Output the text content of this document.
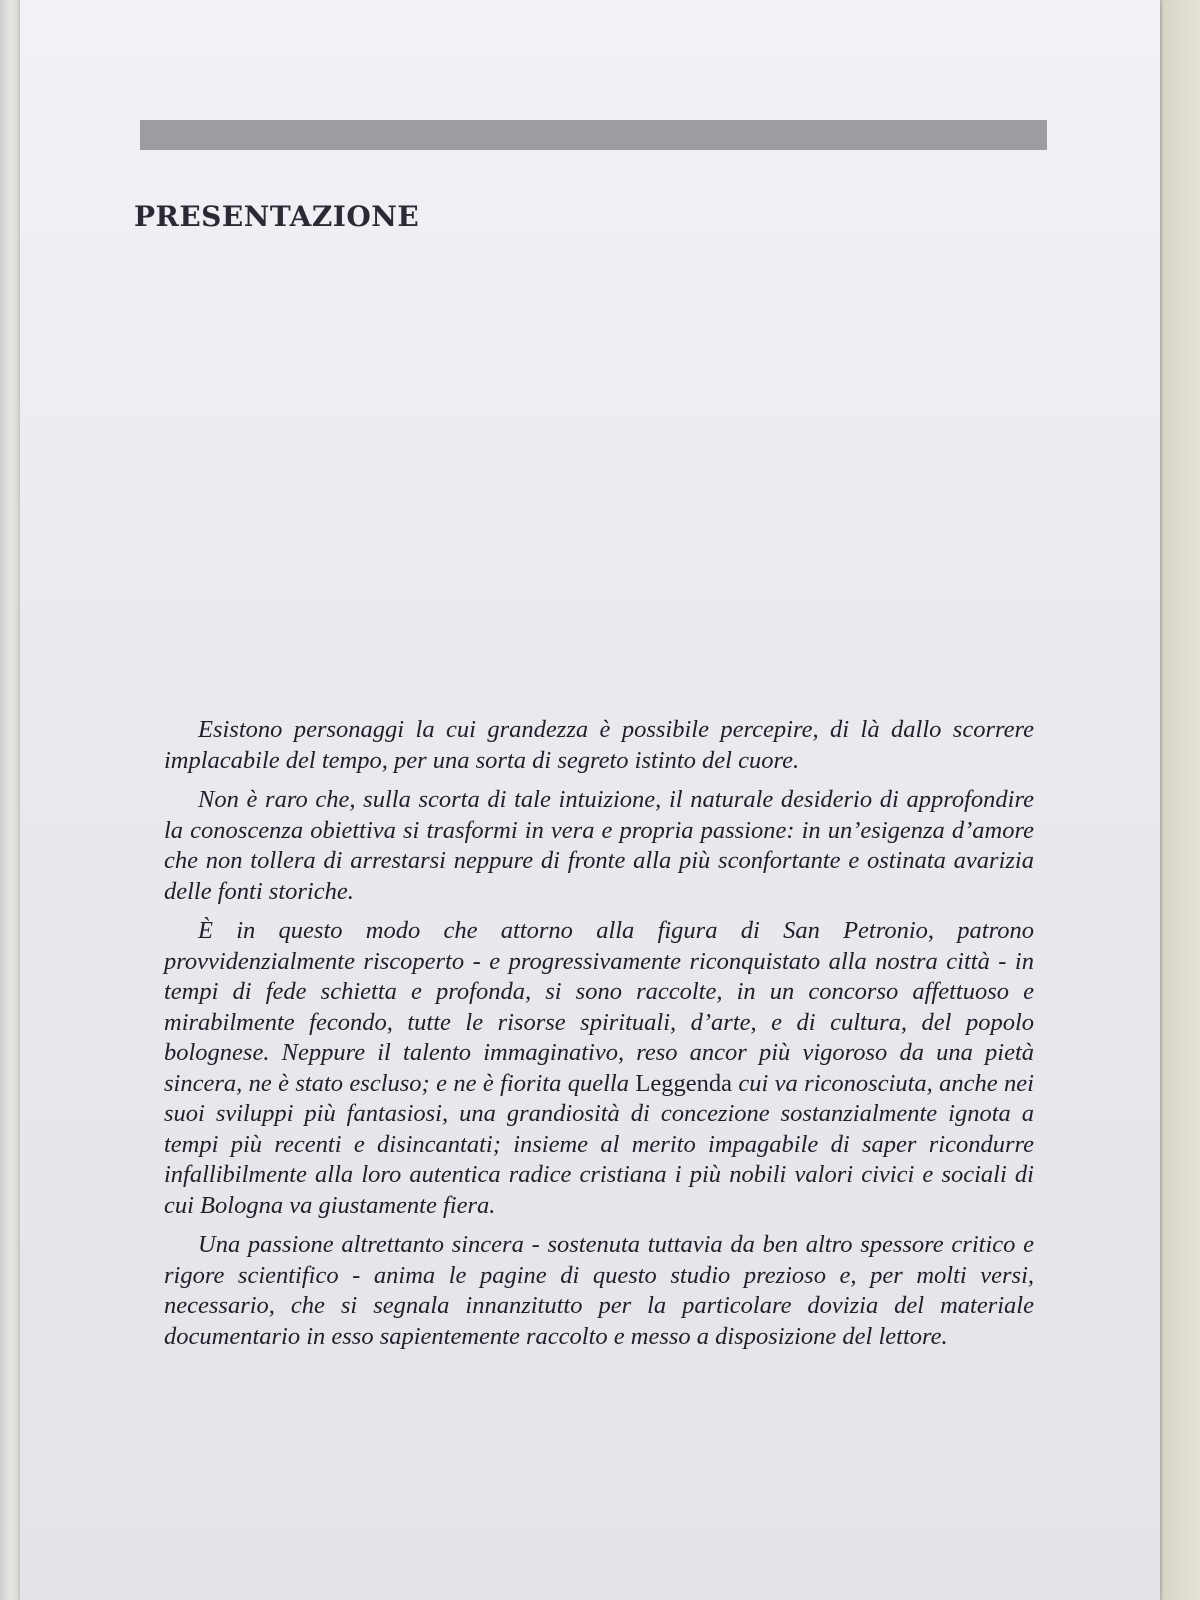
PRESENTAZIONE

Esistono personaggi la cui grandezza è possibile percepire, di là dallo scorrere implacabile del tempo, per una sorta di segreto istinto del cuore.

Non è raro che, sulla scorta di tale intuizione, il naturale desiderio di approfondire la conoscenza obiettiva si trasformi in vera e propria passione: in un’esigenza d’amore che non tollera di arrestarsi neppure di fronte alla più sconfortante e ostinata avarizia delle fonti storiche.

È in questo modo che attorno alla figura di San Petronio, patrono provvidenzialmente riscoperto - e progressivamente riconquistato alla nostra città - in tempi di fede schietta e profonda, si sono raccolte, in un concorso affettuoso e mirabilmente fecondo, tutte le risorse spirituali, d’arte, e di cultura, del popolo bolognese. Neppure il talento immaginativo, reso ancor più vigoroso da una pietà sincera, ne è stato escluso; e ne è fiorita quella Leggenda cui va riconosciuta, anche nei suoi sviluppi più fantasiosi, una grandiosità di concezione sostanzialmente ignota a tempi più recenti e disincantati; insieme al merito impagabile di saper ricondurre infallibilmente alla loro autentica radice cristiana i più nobili valori civici e sociali di cui Bologna va giustamente fiera.

Una passione altrettanto sincera - sostenuta tuttavia da ben altro spessore critico e rigore scientifico - anima le pagine di questo studio prezioso e, per molti versi, necessario, che si segnala innanzitutto per la particolare dovizia del materiale documentario in esso sapientemente raccolto e messo a disposizione del lettore.
